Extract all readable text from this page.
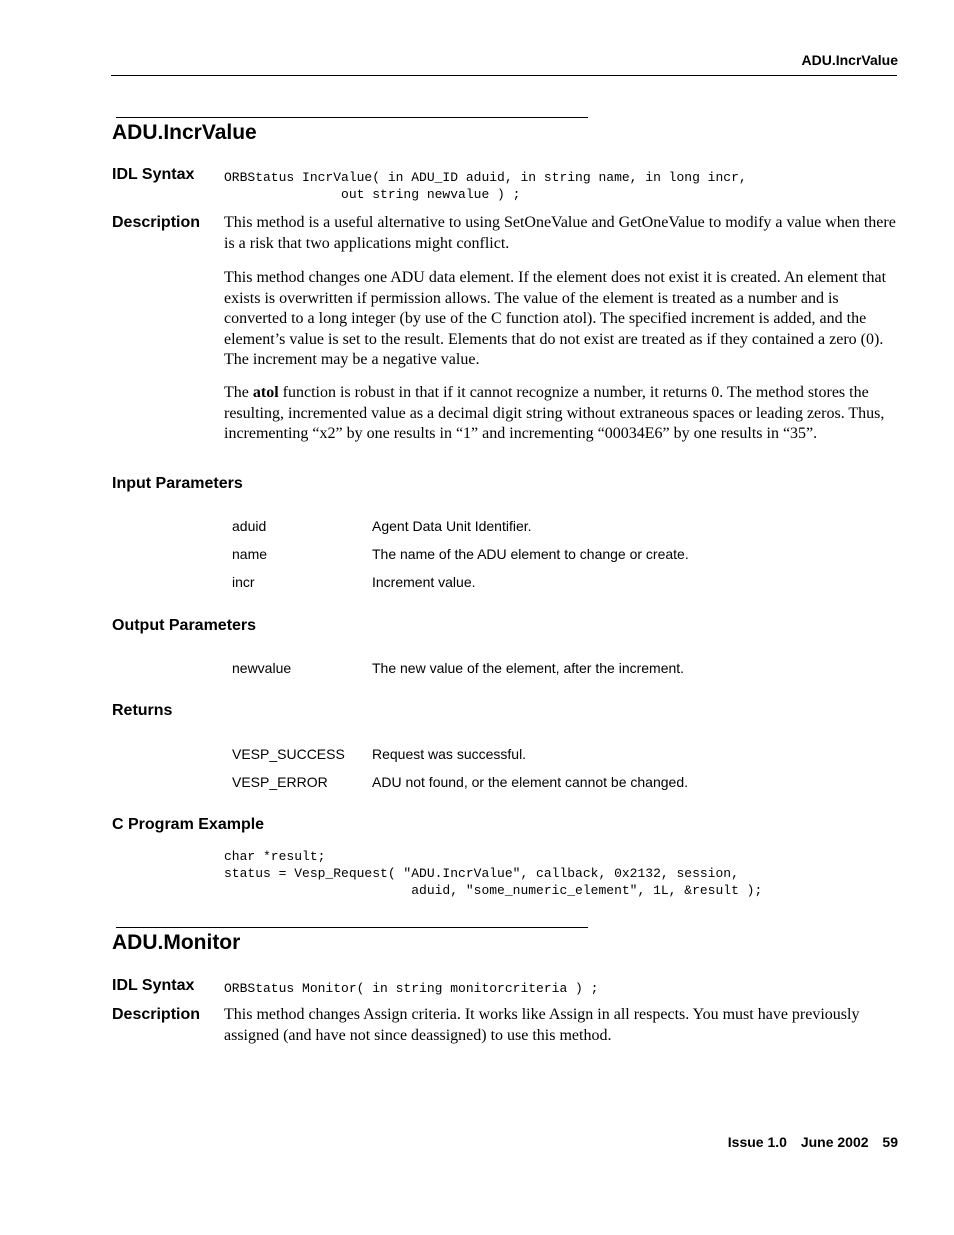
ADU.IncrValue
ADU.IncrValue
IDL Syntax ORBStatus IncrValue( in ADU_ID aduid, in string name, in long incr,
out string newvalue ) ;
Description This method is a useful alternative to using SetOneValue and GetOneValue to modify a value when there is a risk that two applications might conflict.

This method changes one ADU data element. If the element does not exist it is created. An element that exists is overwritten if permission allows. The value of the element is treated as a number and is converted to a long integer (by use of the C function atol). The specified increment is added, and the element’s value is set to the result. Elements that do not exist are treated as if they contained a zero (0). The increment may be a negative value.

The atol function is robust in that if it cannot recognize a number, it returns 0. The method stores the resulting, incremented value as a decimal digit string without extraneous spaces or leading zeros. Thus, incrementing “x2” by one results in “1” and incrementing “00034E6” by one results in “35”.

Input Parameters
aduid	Agent Data Unit Identifier.
name	The name of the ADU element to change or create.
incr	Increment value.
Output Parameters
newvalue	The new value of the element, after the increment.
Returns
VESP_SUCCESS Request was successful.
VESP_ERROR	ADU not found, or the element cannot be changed.
C Program Example
char *result;
status = Vesp_Request( "ADU.IncrValue", callback, 0x2132, session,
aduid, "some_numeric_element", 1L, &result );
ADU.Monitor
IDL Syntax ORBStatus Monitor( in string monitorcriteria ) ;
Description This method changes Assign criteria. It works like Assign in all respects. You must have previously assigned (and have not since deassigned) to use this method.

Issue 1.0 June 2002 59
